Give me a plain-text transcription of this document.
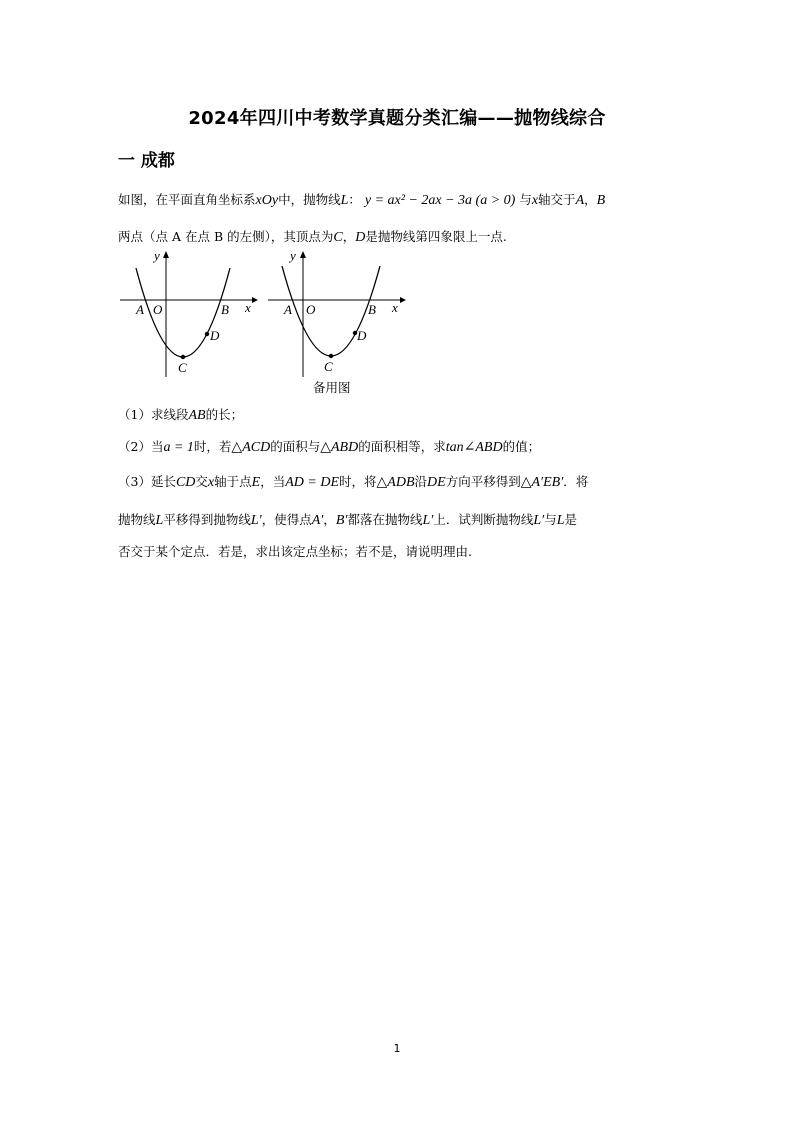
2024年四川中考数学真题分类汇编——抛物线综合
一 成都
如图，在平面直角坐标系xOy中，抛物线L： y = ax² − 2ax − 3a (a > 0) 与x轴交于A，B
两点（点 A 在点 B 的左侧），其顶点为C，D是抛物线第四象限上一点.
y
x
A O	B
C
D
y
x
A O	B
C
D
备用图
（1）求线段AB的长；
（2）当a = 1时，若△ACD的面积与△ABD的面积相等，求tan∠ABD的值；
（3）延长CD交x轴于点E，当AD = DE时，将△ADB沿DE方向平移得到△A′EB′．将
抛物线L平移得到抛物线L′，使得点A′，B′都落在抛物线L′上．试判断抛物线L′与L是
否交于某个定点．若是，求出该定点坐标；若不是，请说明理由.
1
